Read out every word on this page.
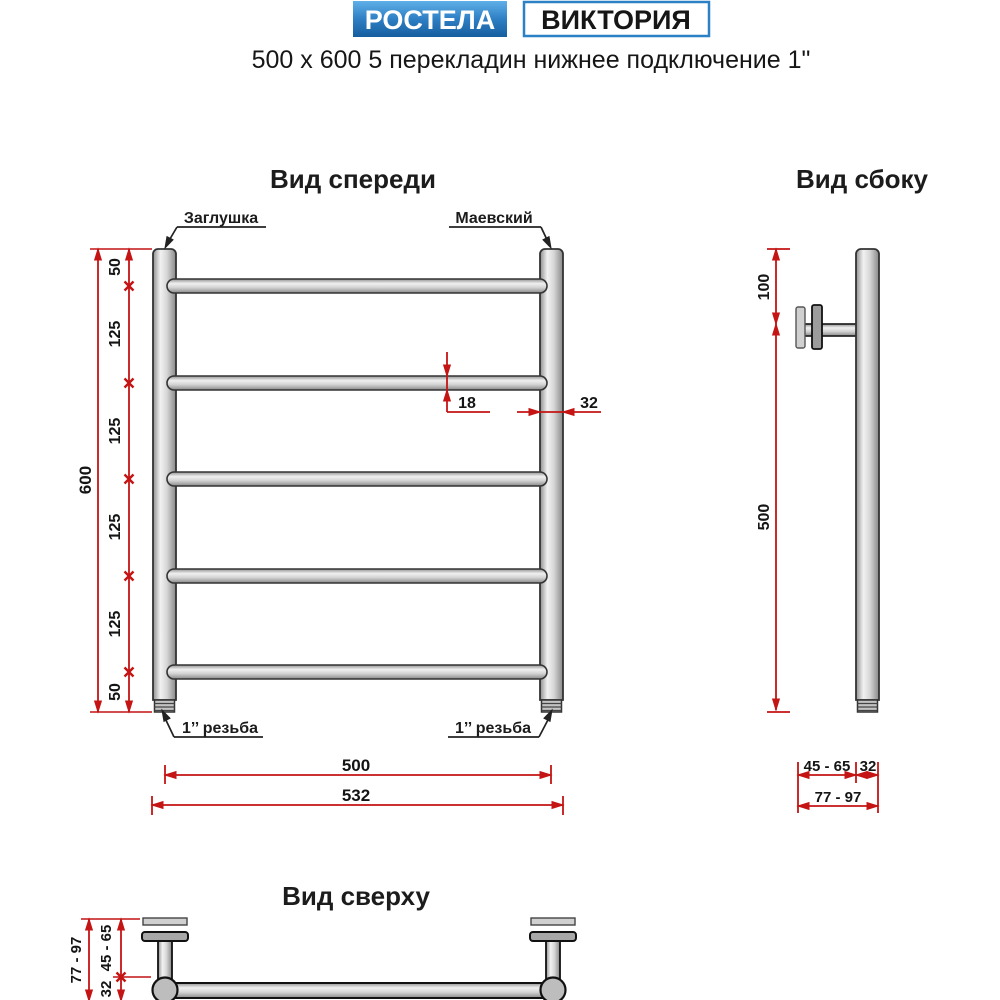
РОСТЕЛА ВИКТОРИЯ
500 x 600 5 перекладин нижнее подключение 1"
Вид спереди
Заглушка	Маевский
1’’ резьба	1’’ резьба
50
125
125
125
125
50
600
18	32
500
532
Вид сбоку
100
500
45 - 65 32
77 - 97
Вид сверху
77 - 97 45 - 65
32
